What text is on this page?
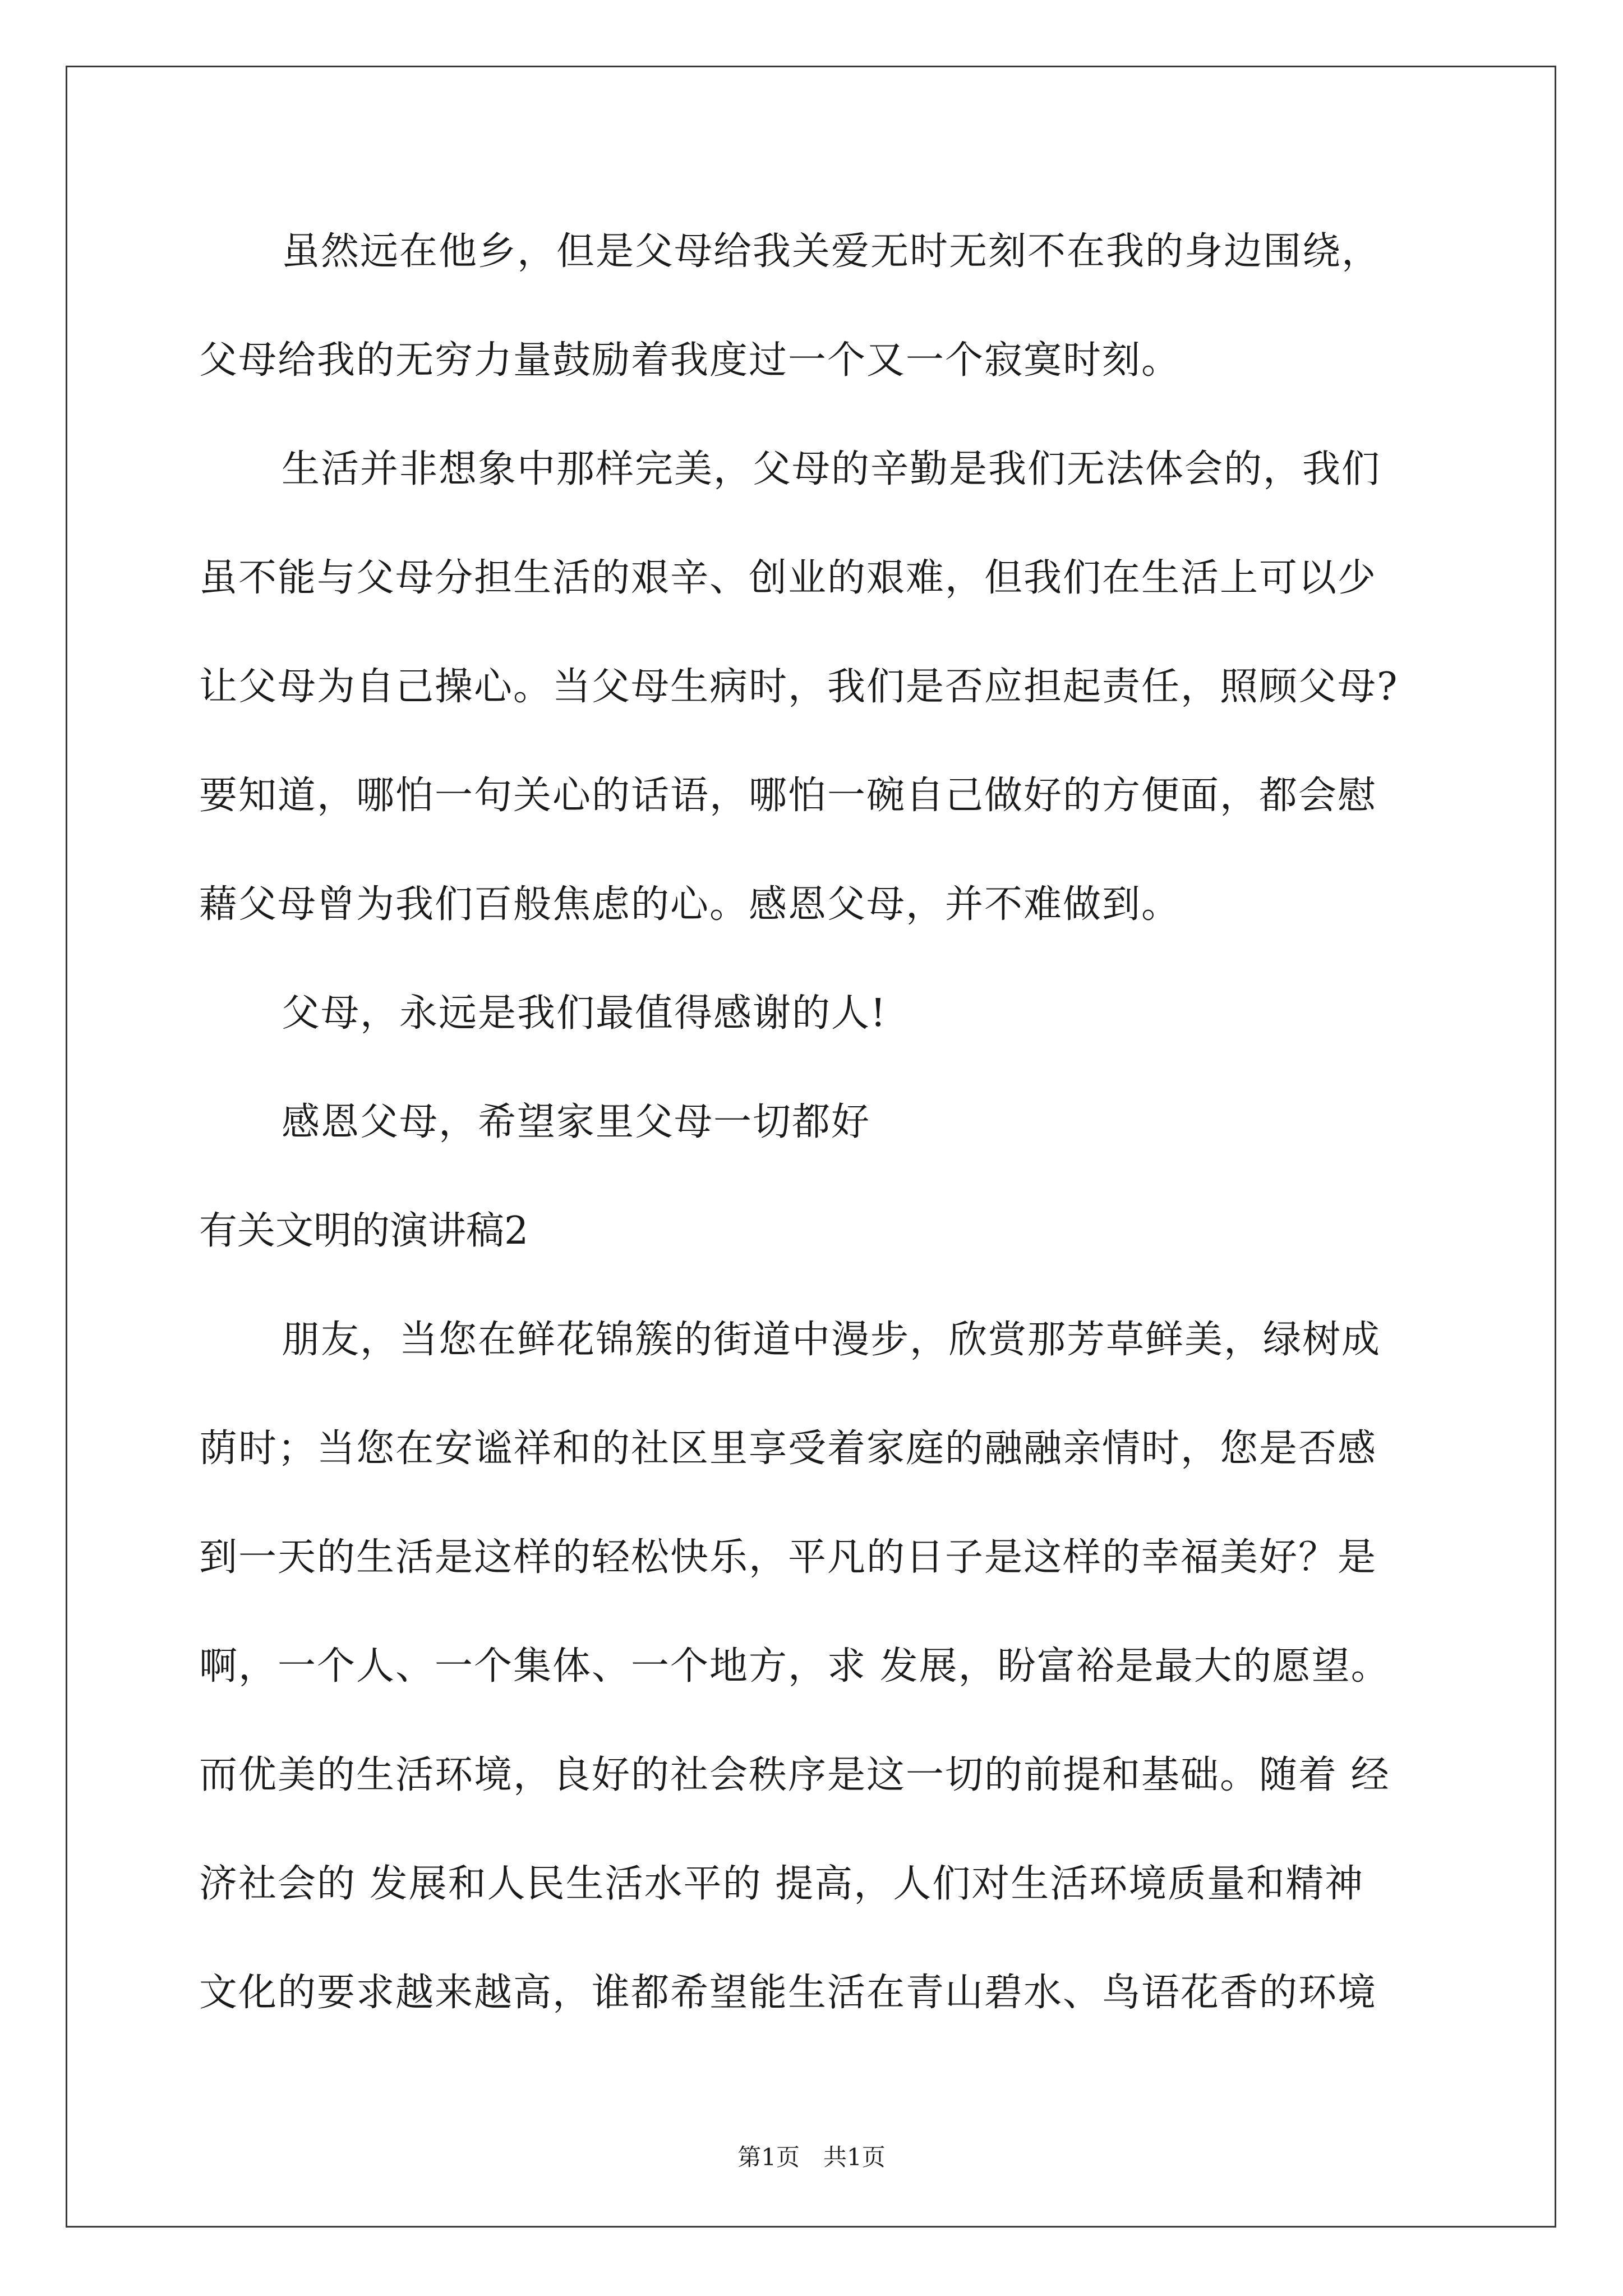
虽然远在他乡，但是父母给我关爱无时无刻不在我的身边围绕，
父母给我的无穷力量鼓励着我度过一个又一个寂寞时刻。
生活并非想象中那样完美，父母的辛勤是我们无法体会的，我们
虽不能与父母分担生活的艰辛、创业的艰难，但我们在生活上可以少
让父母为自己操心。当父母生病时，我们是否应担起责任，照顾父母?
要知道，哪怕一句关心的话语，哪怕一碗自己做好的方便面，都会慰
藉父母曾为我们百般焦虑的心。感恩父母，并不难做到。
父母，永远是我们最值得感谢的人!
感恩父母，希望家里父母一切都好
有关文明的演讲稿2
朋友，当您在鲜花锦簇的街道中漫步，欣赏那芳草鲜美，绿树成
荫时；当您在安谧祥和的社区里享受着家庭的融融亲情时，您是否感
到一天的生活是这样的轻松快乐，平凡的日子是这样的幸福美好？是
啊，一个人、一个集体、一个地方，求 发展，盼富裕是最大的愿望。
而优美的生活环境，良好的社会秩序是这一切的前提和基础。随着 经
济社会的 发展和人民生活水平的 提高，人们对生活环境质量和精神
文化的要求越来越高，谁都希望能生活在青山碧水、鸟语花香的环境
第1页 共1页
